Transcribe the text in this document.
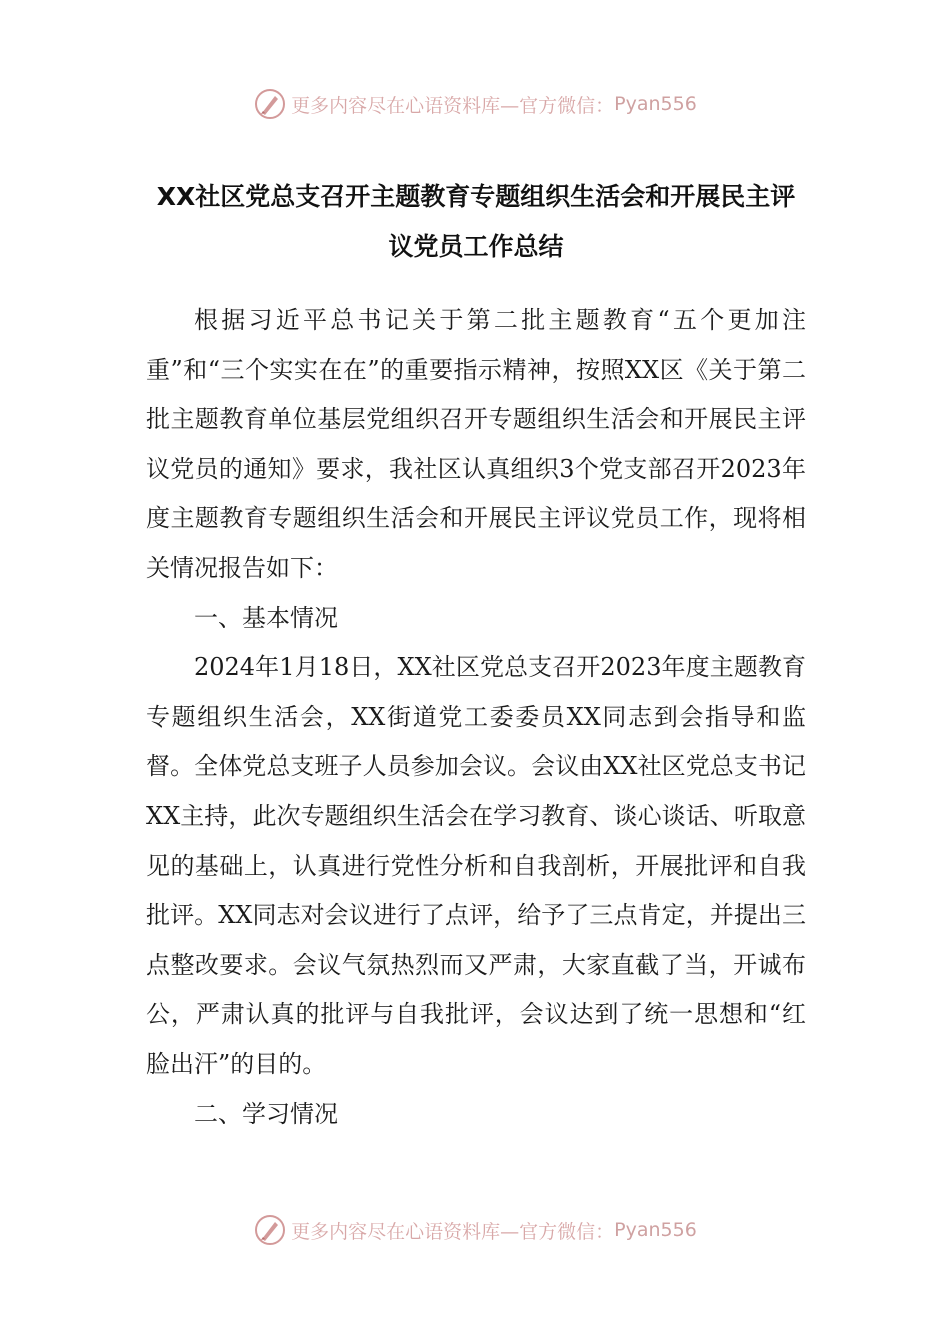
更多内容尽在心语资料库—官方微信： Pyan556
XX社区党总支召开主题教育专题组织生活会和开展民主评议党员工作总结

根据习近平总书记关于第二批主题教育“五个更加注重”和“三个实实在在”的重要指示精神，按照XX区《关于第二批主题教育单位基层党组织召开专题组织生活会和开展民主评议党员的通知》要求，我社区认真组织3个党支部召开2023年度主题教育专题组织生活会和开展民主评议党员工作，现将相关情况报告如下：

一、基本情况

2024年1月18日，XX社区党总支召开2023年度主题教育专题组织生活会，XX街道党工委委员XX同志到会指导和监督。全体党总支班子人员参加会议。会议由XX社区党总支书记XX主持，此次专题组织生活会在学习教育、谈心谈话、听取意见的基础上，认真进行党性分析和自我剖析，开展批评和自我批评。XX同志对会议进行了点评，给予了三点肯定，并提出三点整改要求。会议气氛热烈而又严肃，大家直截了当，开诚布公，严肃认真的批评与自我批评，会议达到了统一思想和“红脸出汗”的目的。

二、学习情况

更多内容尽在心语资料库—官方微信： Pyan556
